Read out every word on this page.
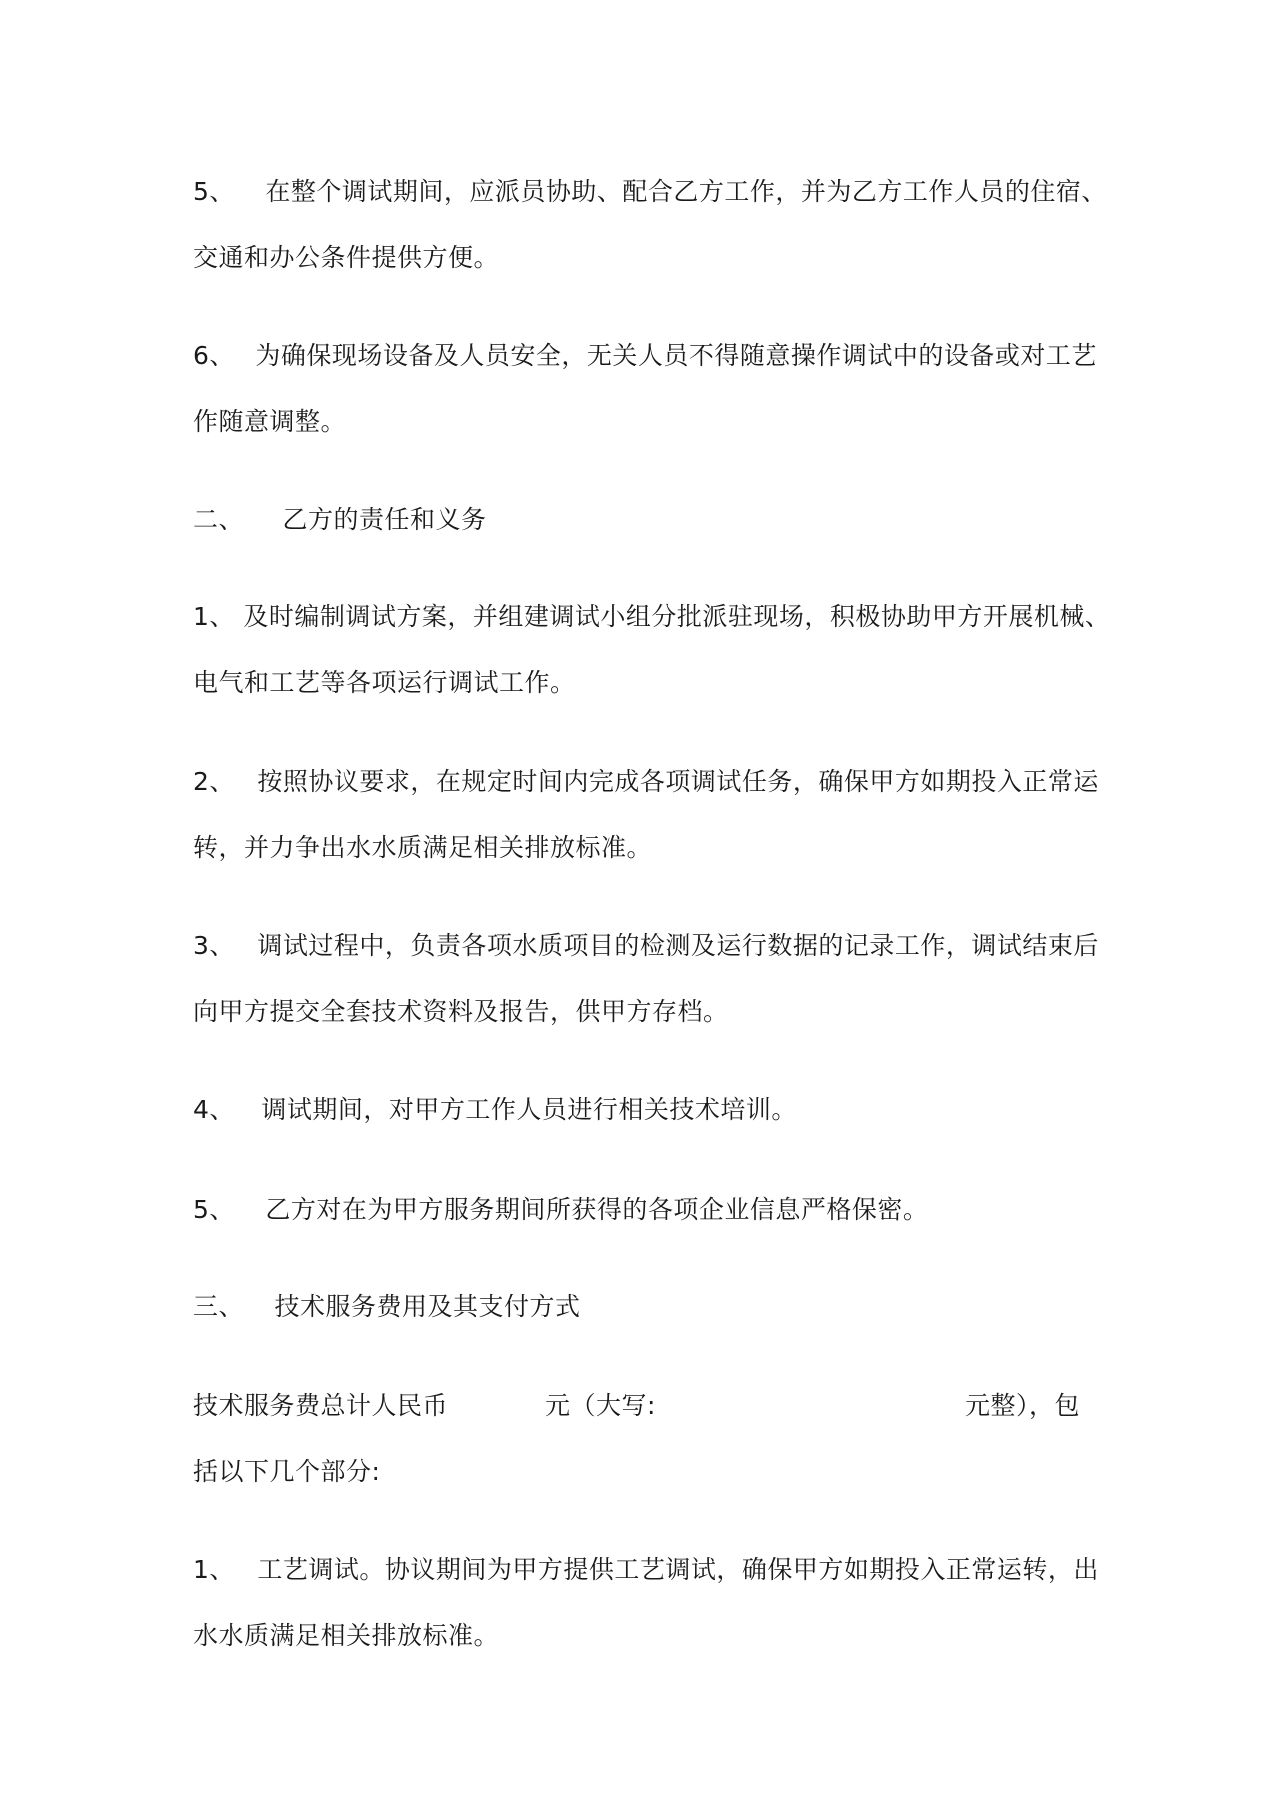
5、 在整个调试期间，应派员协助、配合乙方工作，并为乙方工作人员的住宿、
交通和办公条件提供方便。
6、 为确保现场设备及人员安全，无关人员不得随意操作调试中的设备或对工艺
作随意调整。
二、 乙方的责任和义务
1、 及时编制调试方案，并组建调试小组分批派驻现场，积极协助甲方开展机械、
电气和工艺等各项运行调试工作。
2、 按照协议要求，在规定时间内完成各项调试任务，确保甲方如期投入正常运
转，并力争出水水质满足相关排放标准。
3、 调试过程中，负责各项水质项目的检测及运行数据的记录工作，调试结束后
向甲方提交全套技术资料及报告，供甲方存档。
4、 调试期间，对甲方工作人员进行相关技术培训。
5、 乙方对在为甲方服务期间所获得的各项企业信息严格保密。
三、 技术服务费用及其支付方式
技术服务费总计人民币	元（大写:	元整），包
括以下几个部分:
1、 工艺调试。协议期间为甲方提供工艺调试，确保甲方如期投入正常运转，出
水水质满足相关排放标准。
